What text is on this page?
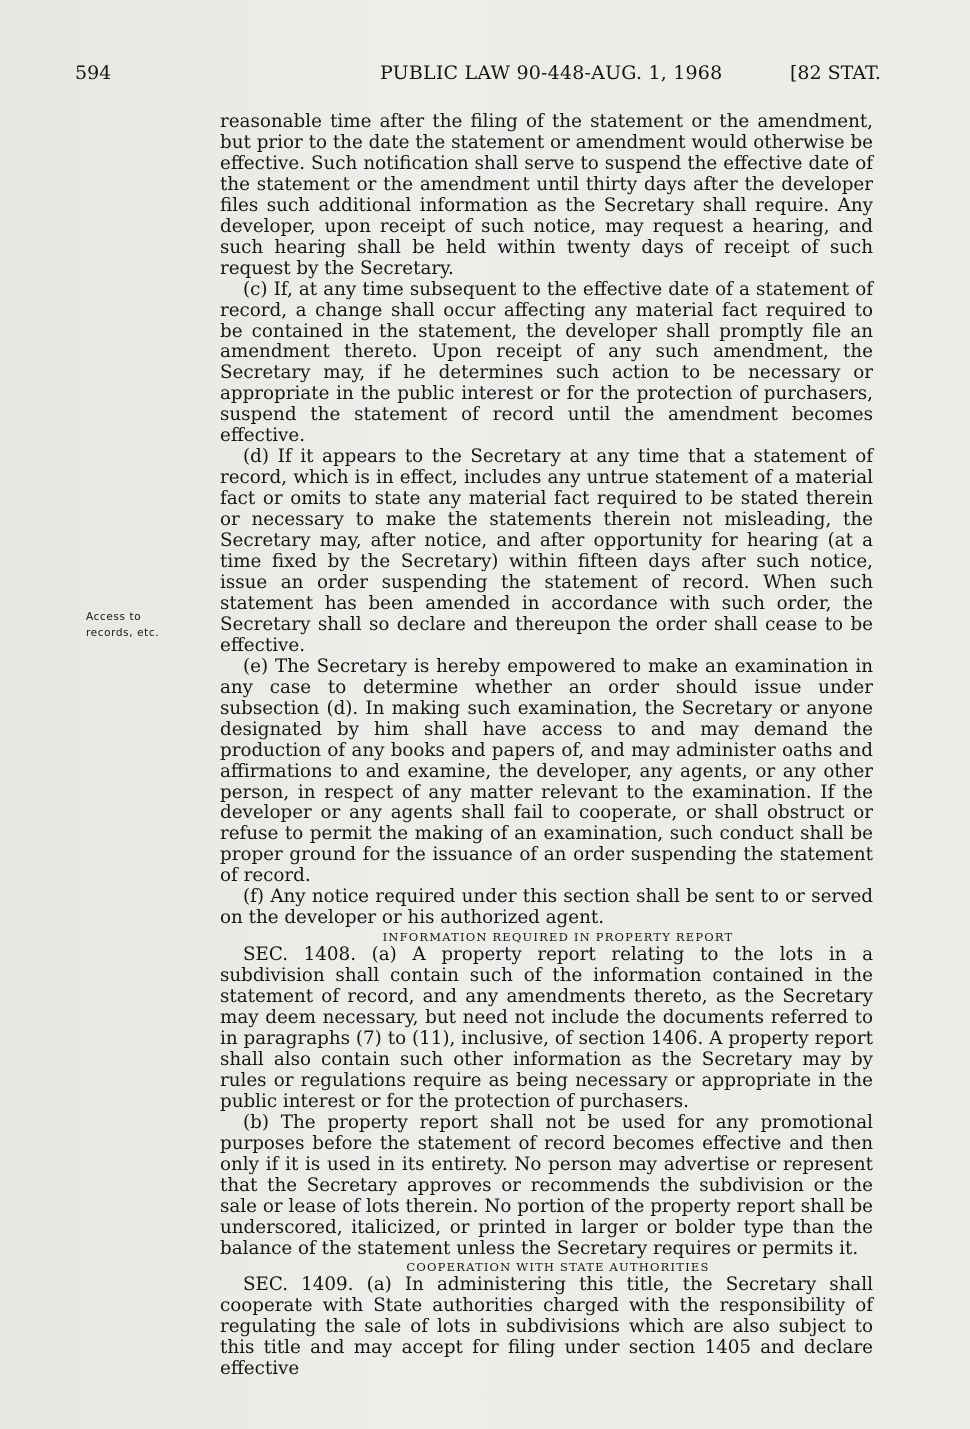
594	PUBLIC LAW 90-448-AUG. 1, 1968	[82 STAT.
Access to records, etc.

reasonable time after the filing of the statement or the amendment, but prior to the date the statement or amendment would otherwise be effective. Such notification shall serve to suspend the effective date of the statement or the amendment until thirty days after the developer files such additional information as the Secretary shall require. Any developer, upon receipt of such notice, may request a hearing, and such hearing shall be held within twenty days of receipt of such request by the Secretary.

(c) If, at any time subsequent to the effective date of a statement of record, a change shall occur affecting any material fact required to be contained in the statement, the developer shall promptly file an amendment thereto. Upon receipt of any such amendment, the Secretary may, if he determines such action to be necessary or appropriate in the public interest or for the protection of purchasers, suspend the statement of record until the amendment becomes effective.

(d) If it appears to the Secretary at any time that a statement of record, which is in effect, includes any untrue statement of a material fact or omits to state any material fact required to be stated therein or necessary to make the statements therein not misleading, the Secretary may, after notice, and after opportunity for hearing (at a time fixed by the Secretary) within fifteen days after such notice, issue an order suspending the statement of record. When such statement has been amended in accordance with such order, the Secretary shall so declare and thereupon the order shall cease to be effective.

(e) The Secretary is hereby empowered to make an examination in any case to determine whether an order should issue under subsection (d). In making such examination, the Secretary or anyone designated by him shall have access to and may demand the production of any books and papers of, and may administer oaths and affirmations to and examine, the developer, any agents, or any other person, in respect of any matter relevant to the examination. If the developer or any agents shall fail to cooperate, or shall obstruct or refuse to permit the making of an examination, such conduct shall be proper ground for the issuance of an order suspending the statement of record.

(f) Any notice required under this section shall be sent to or served on the developer or his authorized agent.

INFORMATION REQUIRED IN PROPERTY REPORT

SEC. 1408. (a) A property report relating to the lots in a subdivision shall contain such of the information contained in the statement of record, and any amendments thereto, as the Secretary may deem necessary, but need not include the documents referred to in paragraphs (7) to (11), inclusive, of section 1406. A property report shall also contain such other information as the Secretary may by rules or regulations require as being necessary or appropriate in the public interest or for the protection of purchasers.

(b) The property report shall not be used for any promotional purposes before the statement of record becomes effective and then only if it is used in its entirety. No person may advertise or represent that the Secretary approves or recommends the subdivision or the sale or lease of lots therein. No portion of the property report shall be underscored, italicized, or printed in larger or bolder type than the balance of the statement unless the Secretary requires or permits it.

COOPERATION WITH STATE AUTHORITIES

SEC. 1409. (a) In administering this title, the Secretary shall cooperate with State authorities charged with the responsibility of regulating the sale of lots in subdivisions which are also subject to this title and may accept for filing under section 1405 and declare effective
